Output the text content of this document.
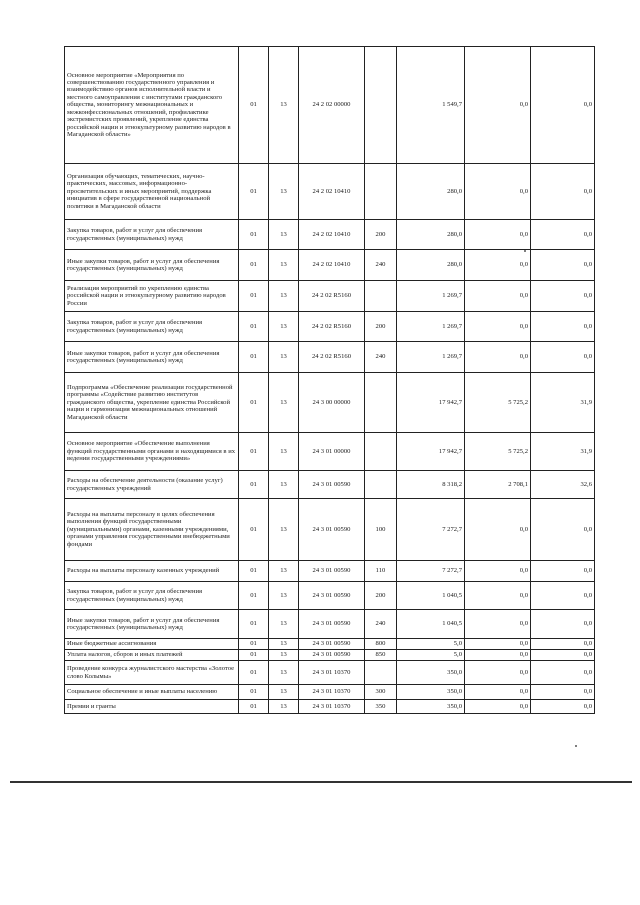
Основное мероприятие «Мероприятия по совершенствованию государственного управления и взаимодействию органов исполнительной власти и местного самоуправления с институтами гражданского общества, мониторингу межнациональных и межконфессиональных отношений, профилактике экстремистских проявлений, укрепление единства российской нации и этнокультурному развитию народов в Магаданской области»	01	13	24 2 02 00000		1 549,7	0,0	0,0
Организация обучающих, тематических, научно-практических, массовых, информационно-просветительских и иных мероприятий, поддержка инициатив в сфере государственной национальной политики в Магаданской области	01	13	24 2 02 10410		280,0	0,0	0,0
Закупка товаров, работ и услуг для обеспечения государственных (муниципальных) нужд	01	13	24 2 02 10410	200	280,0	0,0	0,0
Иные закупки товаров, работ и услуг для обеспечения государственных (муниципальных) нужд	01	13	24 2 02 10410	240	280,0	0,0	0,0
Реализация мероприятий по укреплению единства российской нации и этнокультурному развитию народов России	01	13	24 2 02 R5160		1 269,7	0,0	0,0
Закупка товаров, работ и услуг для обеспечения государственных (муниципальных) нужд	01	13	24 2 02 R5160	200	1 269,7	0,0	0,0
Иные закупки товаров, работ и услуг для обеспечения государственных (муниципальных) нужд	01	13	24 2 02 R5160	240	1 269,7	0,0	0,0
Подпрограмма «Обеспечение реализации государственной программы «Содействие развитию институтов гражданского общества, укрепление единства Российской нации и гармонизация межнациональных отношений Магаданской области	01	13	24 3 00 00000		17 942,7	5 725,2	31,9
Основное мероприятие «Обеспечение выполнения функций государственными органами и находящимися в их ведении государственными учреждениями»	01	13	24 3 01 00000		17 942,7	5 725,2	31,9
Расходы на обеспечение деятельности (оказание услуг) государственных учреждений	01	13	24 3 01 00590		8 318,2	2 708,1	32,6
Расходы на выплаты персоналу в целях обеспечения выполнения функций государственными (муниципальными) органами, казенными учреждениями, органами управления государственными внебюджетными фондами	01	13	24 3 01 00590	100	7 272,7	0,0	0,0
Расходы на выплаты персоналу казенных учреждений	01	13	24 3 01 00590	110	7 272,7	0,0	0,0
Закупка товаров, работ и услуг для обеспечения государственных (муниципальных) нужд	01	13	24 3 01 00590	200	1 040,5	0,0	0,0
Иные закупки товаров, работ и услуг для обеспечения государственных (муниципальных) нужд	01	13	24 3 01 00590	240	1 040,5	0,0	0,0
Иные бюджетные ассигнования	01	13	24 3 01 00590	800	5,0	0,0	0,0
Уплата налогов, сборов и иных платежей	01	13	24 3 01 00590	850	5,0	0,0	0,0
Проведение конкурса журналистского мастерства «Золотое слово Колымы»	01	13	24 3 01 10370		350,0	0,0	0,0
Социальное обеспечение и иные выплаты населению	01	13	24 3 01 10370	300	350,0	0,0	0,0
Премии и гранты	01	13	24 3 01 10370	350	350,0	0,0	0,0
